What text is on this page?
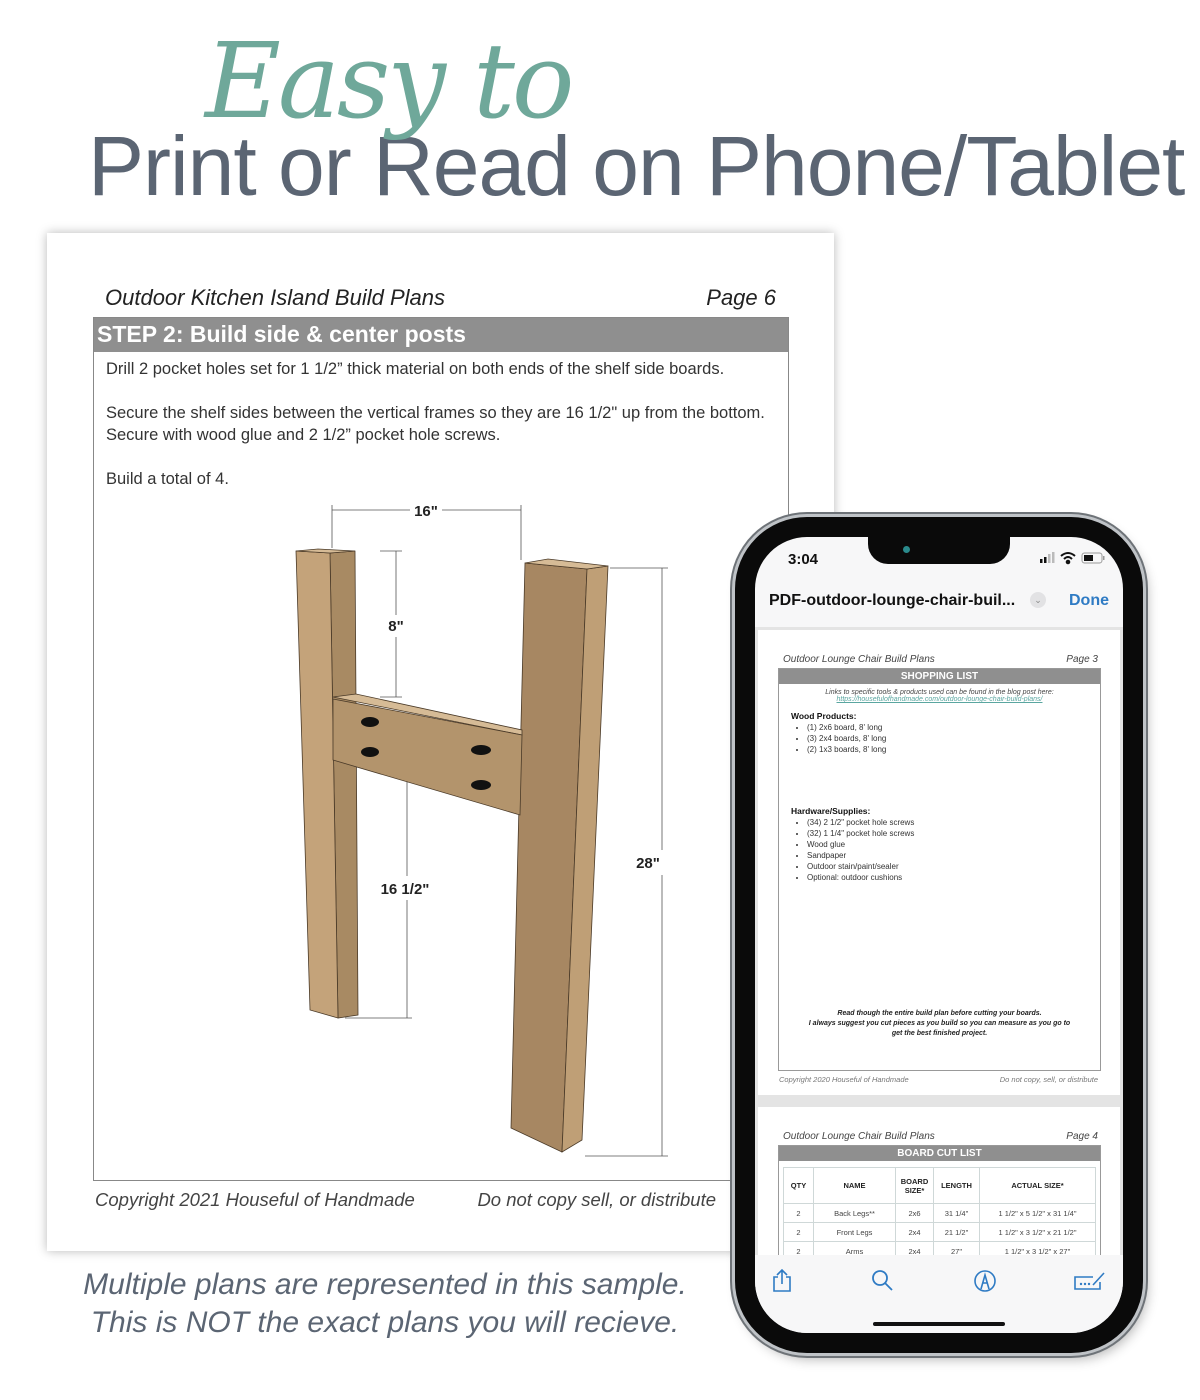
Easy to
Print or Read on Phone/Tablet
Outdoor Kitchen Island Build Plans	Page 6
STEP 2: Build side & center posts
Drill 2 pocket holes set for 1 1/2” thick material on both ends of the shelf side boards.
Secure the shelf sides between the vertical frames so they are 16 1/2" up from the bottom. Secure with wood glue and 2 1/2” pocket hole screws.
Build a total of 4.
16"
8"
16 1/2"
28"
Copyright 2021 Houseful of Handmade	Do not copy sell, or distribute
Multiple plans are represented in this sample.
This is NOT the exact plans you will recieve.
3:04
PDF-outdoor-lounge-chair-buil...	⌄ Done
Outdoor Lounge Chair Build Plans	Page 3
SHOPPING LIST
Links to specific tools & products used can be found in the blog post here:
https://housefulofhandmade.com/outdoor-lounge-chair-build-plans/
Wood Products:
• (1) 2x6 board, 8' long
• (3) 2x4 boards, 8' long
• (2) 1x3 boards, 8' long
Hardware/Supplies:
• (34) 2 1/2" pocket hole screws
• (32) 1 1/4" pocket hole screws
• Wood glue
• Sandpaper
• Outdoor stain/paint/sealer
• Optional: outdoor cushions
Read though the entire build plan before cutting your boards.
I always suggest you cut pieces as you build so you can measure as you go to
get the best finished project.
Copyright 2020 Houseful of Handmade	Do not copy, sell, or distribute
Outdoor Lounge Chair Build Plans	Page 4
BOARD CUT LIST
QTY	NAME	BOARD SIZE*	LENGTH	ACTUAL SIZE*
2	Back Legs**	2x6	31 1/4"	1 1/2" x 5 1/2" x 31 1/4"
2	Front Legs	2x4	21 1/2"	1 1/2" x 3 1/2" x 21 1/2"
2	Arms	2x4	27"	1 1/2" x 3 1/2" x 27"
